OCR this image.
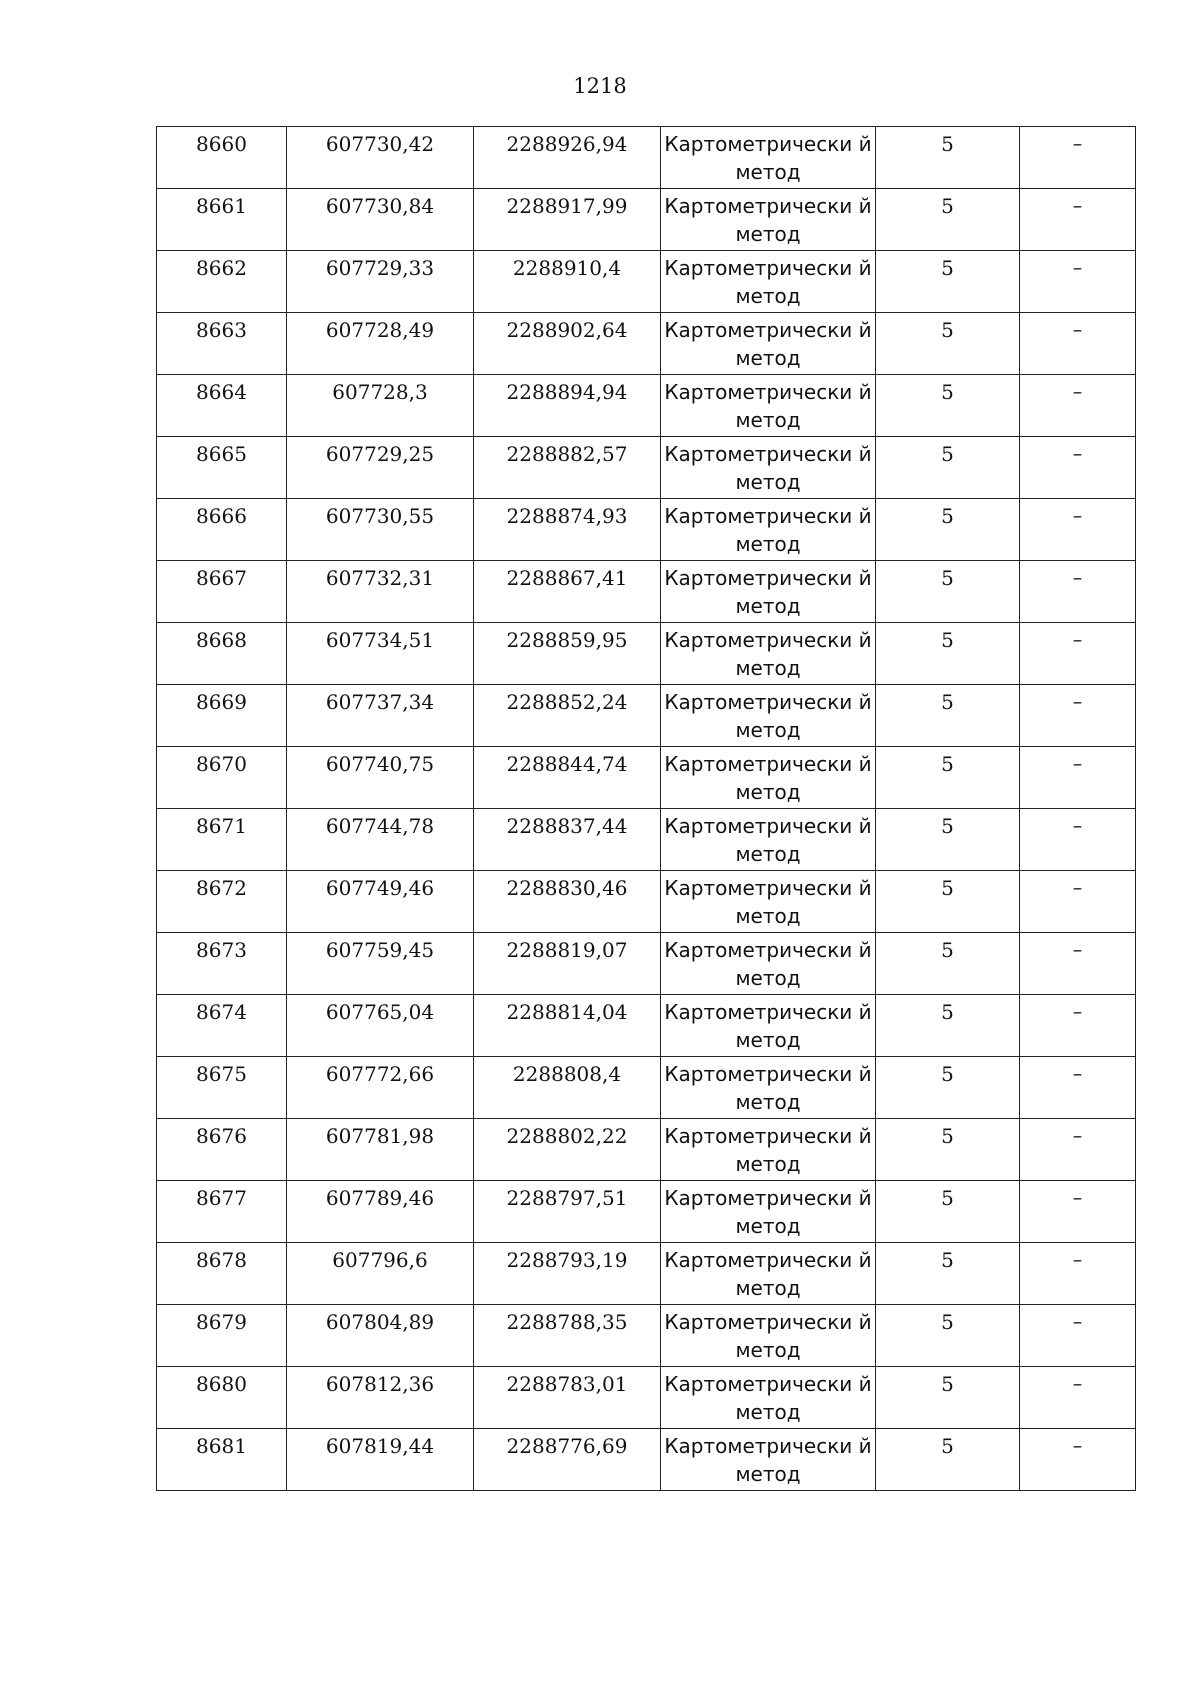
1218
8660	607730,42	2288926,94	Картометрически й метод	5	–
8661	607730,84	2288917,99	Картометрически й метод	5	–
8662	607729,33	2288910,4	Картометрически й метод	5	–
8663	607728,49	2288902,64	Картометрически й метод	5	–
8664	607728,3	2288894,94	Картометрически й метод	5	–
8665	607729,25	2288882,57	Картометрически й метод	5	–
8666	607730,55	2288874,93	Картометрически й метод	5	–
8667	607732,31	2288867,41	Картометрически й метод	5	–
8668	607734,51	2288859,95	Картометрически й метод	5	–
8669	607737,34	2288852,24	Картометрически й метод	5	–
8670	607740,75	2288844,74	Картометрически й метод	5	–
8671	607744,78	2288837,44	Картометрически й метод	5	–
8672	607749,46	2288830,46	Картометрически й метод	5	–
8673	607759,45	2288819,07	Картометрически й метод	5	–
8674	607765,04	2288814,04	Картометрически й метод	5	–
8675	607772,66	2288808,4	Картометрически й метод	5	–
8676	607781,98	2288802,22	Картометрически й метод	5	–
8677	607789,46	2288797,51	Картометрически й метод	5	–
8678	607796,6	2288793,19	Картометрически й метод	5	–
8679	607804,89	2288788,35	Картометрически й метод	5	–
8680	607812,36	2288783,01	Картометрически й метод	5	–
8681	607819,44	2288776,69	Картометрически й метод	5	–
